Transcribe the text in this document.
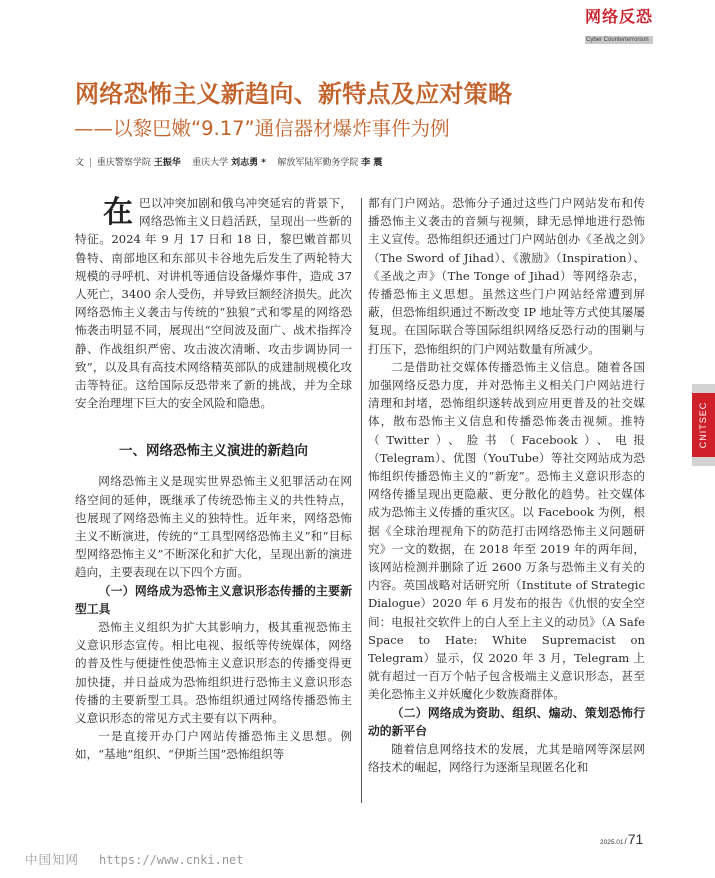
网络反恐
Cyber Counterterrorism
网络恐怖主义新趋向、新特点及应对策略
——以黎巴嫩“9.17”通信器材爆炸事件为例
文 | 重庆警察学院 王振华 重庆大学 刘志勇 * 解放军陆军勤务学院 李 震

在巴以冲突加剧和俄乌冲突延宕的背景下，网络恐怖主义日趋活跃，呈现出一些新的特征。2024 年 9 月 17 日和 18 日，黎巴嫩首都贝鲁特、南部地区和东部贝卡谷地先后发生了两轮特大规模的寻呼机、对讲机等通信设备爆炸事件，造成 37 人死亡，3400 余人受伤，并导致巨额经济损失。此次网络恐怖主义袭击与传统的“独狼”式和零星的网络恐怖袭击明显不同，展现出“空间波及面广、战术指挥冷静、作战组织严密、攻击波次清晰、攻击步调协同一致”，以及具有高技术网络精英部队的成建制规模化攻击等特征。这给国际反恐带来了新的挑战，并为全球安全治理埋下巨大的安全风险和隐患。

一、网络恐怖主义演进的新趋向

网络恐怖主义是现实世界恐怖主义犯罪活动在网络空间的延伸，既继承了传统恐怖主义的共性特点，也展现了网络恐怖主义的独特性。近年来，网络恐怖主义不断演进，传统的“工具型网络恐怖主义”和“目标型网络恐怖主义”不断深化和扩大化，呈现出新的演进趋向，主要表现在以下四个方面。

（一）网络成为恐怖主义意识形态传播的主要新型工具

恐怖主义组织为扩大其影响力，极其重视恐怖主义意识形态宣传。相比电视、报纸等传统媒体，网络的普及性与便捷性使恐怖主义意识形态的传播变得更加快捷，并日益成为恐怖组织进行恐怖主义意识形态传播的主要新型工具。恐怖组织通过网络传播恐怖主义意识形态的常见方式主要有以下两种。

一是直接开办门户网站传播恐怖主义思想。例如，“基地”组织、“伊斯兰国”恐怖组织等

都有门户网站。恐怖分子通过这些门户网站发布和传播恐怖主义袭击的音频与视频，肆无忌惮地进行恐怖主义宣传。恐怖组织还通过门户网站创办《圣战之剑》（The Sword of Jihad）、《激励》（Inspiration）、《圣战之声》（The Tonge of Jihad）等网络杂志，传播恐怖主义思想。虽然这些门户网站经常遭到屏蔽，但恐怖组织通过不断改变 IP 地址等方式使其屡屡复现。在国际联合等国际组织网络反恐行动的围剿与打压下，恐怖组织的门户网站数量有所减少。

二是借助社交媒体传播恐怖主义信息。随着各国加强网络反恐力度，并对恐怖主义相关门户网站进行清理和封堵，恐怖组织遂转战到应用更普及的社交媒体，散布恐怖主义信息和传播恐怖袭击视频。推特（Twitter）、脸书（Facebook）、电报（Telegram）、优图（YouTube）等社交网站成为恐怖组织传播恐怖主义的“新宠”。恐怖主义意识形态的网络传播呈现出更隐蔽、更分散化的趋势。社交媒体成为恐怖主义传播的重灾区。以 Facebook 为例，根据《全球治理视角下的防范打击网络恐怖主义问题研究》一文的数据，在 2018 年至 2019 年的两年间，该网站检测并删除了近 2600 万条与恐怖主义有关的内容。英国战略对话研究所（Institute of Strategic Dialogue）2020 年 6 月发布的报告《仇恨的安全空间：电报社交软件上的白人至上主义的动员》（A Safe Space to Hate: White Supremacist on Telegram）显示，仅 2020 年 3 月，Telegram 上就有超过一百万个帖子包含极端主义意识形态，甚至美化恐怖主义并妖魔化少数族裔群体。

（二）网络成为资助、组织、煽动、策划恐怖行动的新平台

随着信息网络技术的发展，尤其是暗网等深层网络技术的崛起，网络行为逐渐呈现匿名化和

CNITSEC
2025.01/71
中国知网 https://www.cnki.net
